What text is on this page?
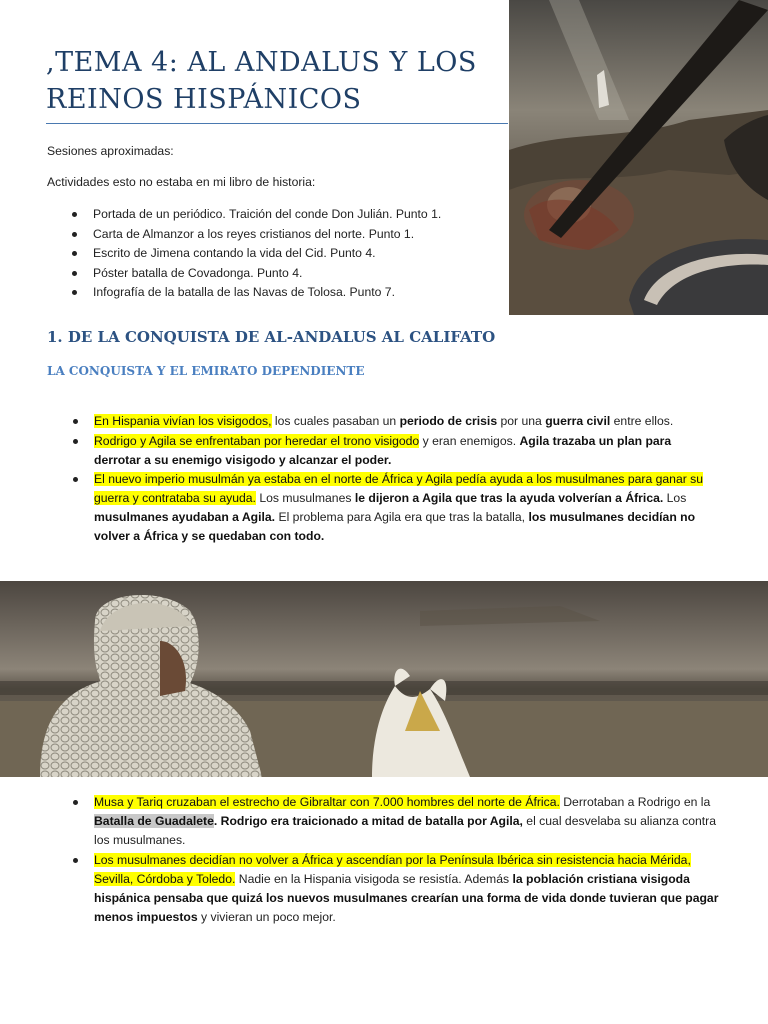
,TEMA 4: AL ANDALUS Y LOS REINOS HISPÁNICOS
Sesiones aproximadas:
Actividades esto no estaba en mi libro de historia:
Portada de un periódico. Traición del conde Don Julián. Punto 1.
Carta de Almanzor a los reyes cristianos del norte. Punto 1.
Escrito de Jimena contando la vida del Cid. Punto 4.
Póster batalla de Covadonga. Punto 4.
Infografía de la batalla de las Navas de Tolosa. Punto 7.
1. DE LA CONQUISTA DE AL-ANDALUS AL CALIFATO
LA CONQUISTA Y EL EMIRATO DEPENDIENTE
En Hispania vivían los visigodos, los cuales pasaban un periodo de crisis por una guerra civil entre ellos.
Rodrigo y Agila se enfrentaban por heredar el trono visigodo y eran enemigos. Agila trazaba un plan para derrotar a su enemigo visigodo y alcanzar el poder.
El nuevo imperio musulmán ya estaba en el norte de África y Agila pedía ayuda a los musulmanes para ganar su guerra y contrataba su ayuda. Los musulmanes le dijeron a Agila que tras la ayuda volverían a África. Los musulmanes ayudaban a Agila. El problema para Agila era que tras la batalla, los musulmanes decidían no volver a África y se quedaban con todo.
Musa y Tariq cruzaban el estrecho de Gibraltar con 7.000 hombres del norte de África. Derrotaban a Rodrigo en la Batalla de Guadalete. Rodrigo era traicionado a mitad de batalla por Agila, el cual desvelaba su alianza contra los musulmanes.
Los musulmanes decidían no volver a África y ascendían por la Península Ibérica sin resistencia hacia Mérida, Sevilla, Córdoba y Toledo. Nadie en la Hispania visigoda se resistía. Además la población cristiana visigoda hispánica pensaba que quizá los nuevos musulmanes crearían una forma de vida donde tuvieran que pagar menos impuestos y vivieran un poco mejor.
